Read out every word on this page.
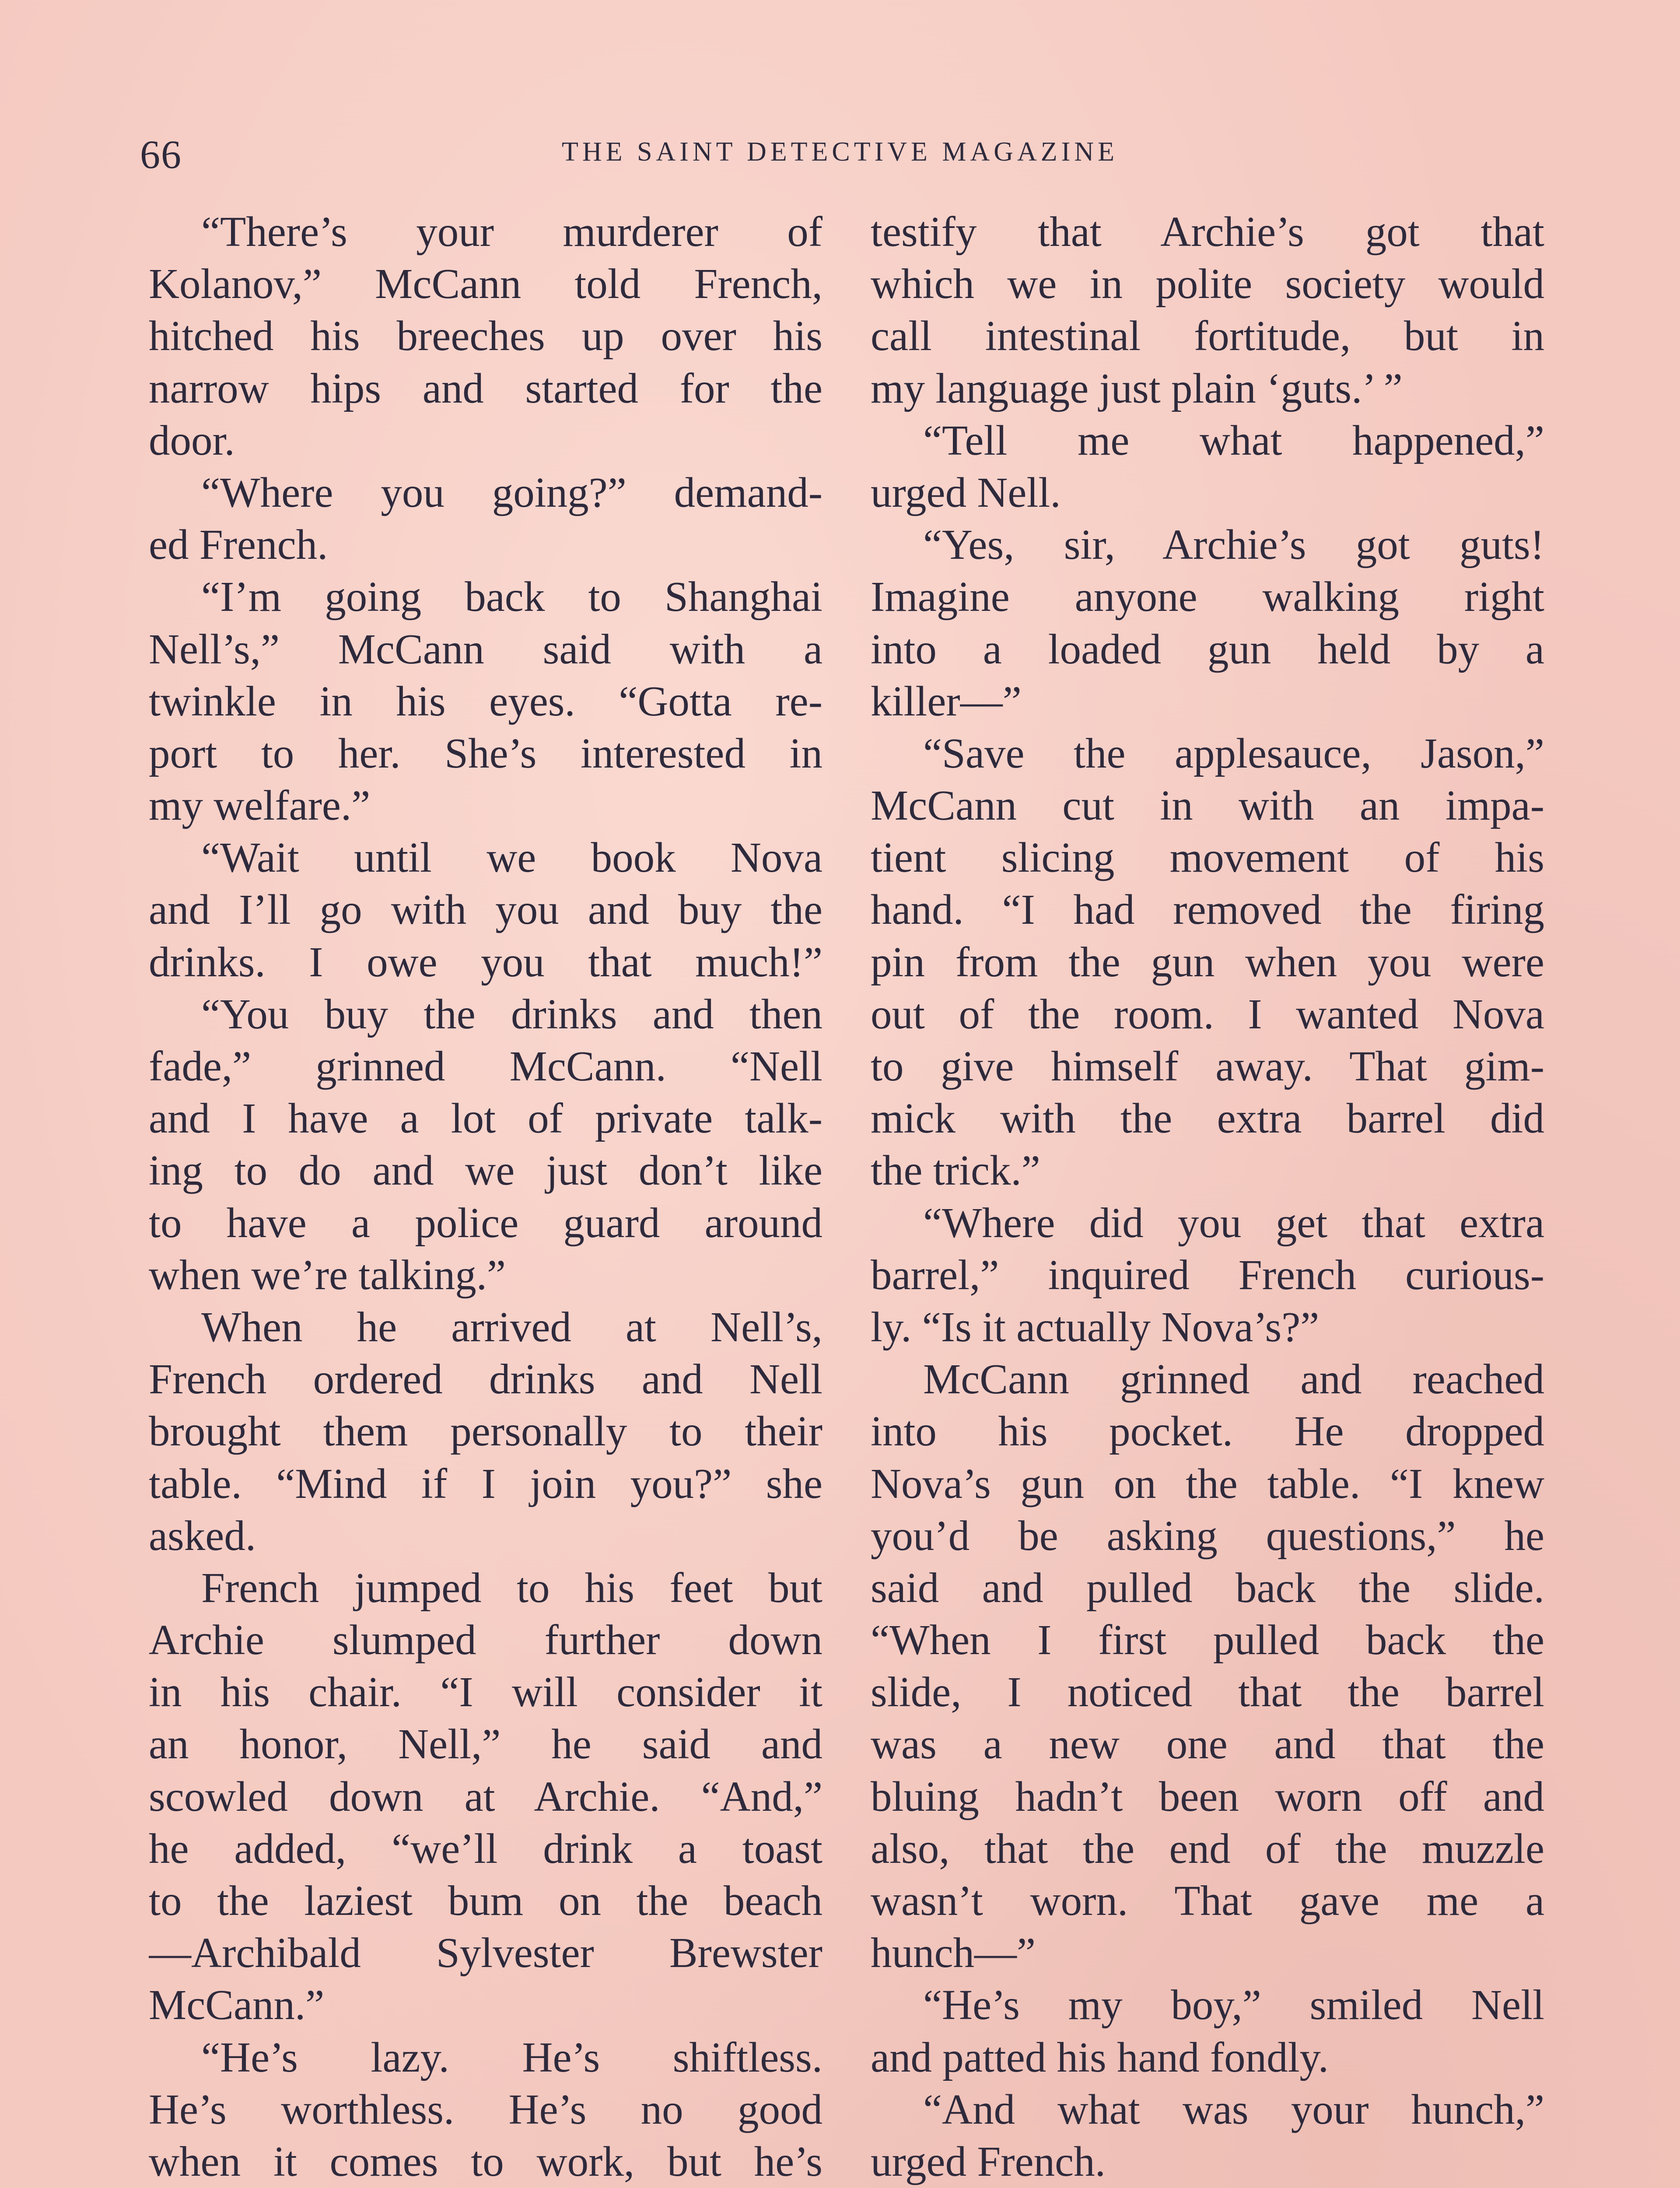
66	THE SAINT DETECTIVE MAGAZINE
“There’s your murderer of
Kolanov,” McCann told French,
hitched his breeches up over his
narrow hips and started for the
door.
“Where you going?” demand-
ed French.
“I’m going back to Shanghai
Nell’s,” McCann said with a
twinkle in his eyes. “Gotta re-
port to her. She’s interested in
my welfare.”
“Wait until we book Nova
and I’ll go with you and buy the
drinks. I owe you that much!”
“You buy the drinks and then
fade,” grinned McCann. “Nell
and I have a lot of private talk-
ing to do and we just don’t like
to have a police guard around
when we’re talking.”
When he arrived at Nell’s,
French ordered drinks and Nell
brought them personally to their
table. “Mind if I join you?” she
asked.
French jumped to his feet but
Archie slumped further down
in his chair. “I will consider it
an honor, Nell,” he said and
scowled down at Archie. “And,”
he added, “we’ll drink a toast
to the laziest bum on the beach
—Archibald Sylvester Brewster
McCann.”
“He’s lazy. He’s shiftless.
He’s worthless. He’s no good
when it comes to work, but he’s
testify that Archie’s got that
which we in polite society would
call intestinal fortitude, but in
my language just plain ‘guts.’ ”
“Tell me what happened,”
urged Nell.
“Yes, sir, Archie’s got guts!
Imagine anyone walking right
into a loaded gun held by a
killer—”
“Save the applesauce, Jason,”
McCann cut in with an impa-
tient slicing movement of his
hand. “I had removed the firing
pin from the gun when you were
out of the room. I wanted Nova
to give himself away. That gim-
mick with the extra barrel did
the trick.”
“Where did you get that extra
barrel,” inquired French curious-
ly. “Is it actually Nova’s?”
McCann grinned and reached
into his pocket. He dropped
Nova’s gun on the table. “I knew
you’d be asking questions,” he
said and pulled back the slide.
“When I first pulled back the
slide, I noticed that the barrel
was a new one and that the
bluing hadn’t been worn off and
also, that the end of the muzzle
wasn’t worn. That gave me a
hunch—”
“He’s my boy,” smiled Nell
and patted his hand fondly.
“And what was your hunch,”
urged French.
